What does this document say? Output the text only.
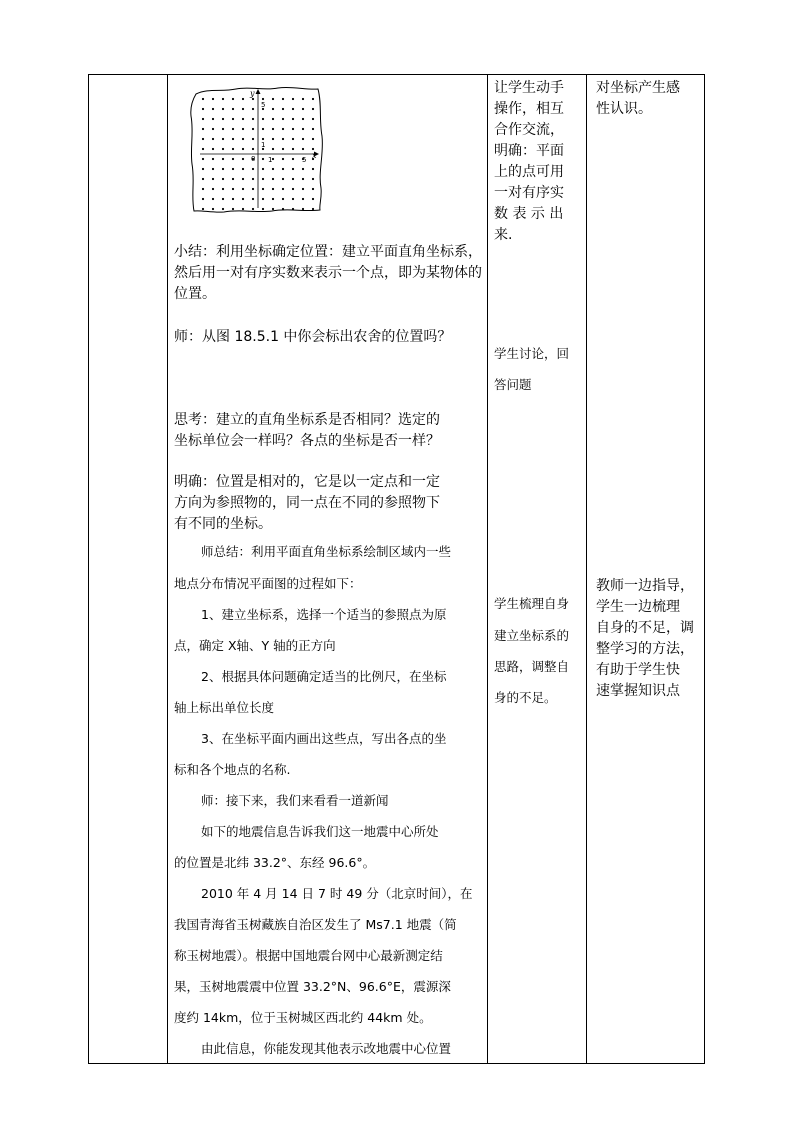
x
y
0 1	5
1
5
小结：利用坐标确定位置：建立平面直角坐标系，
然后用一对有序实数来表示一个点，即为某物体的
位置。
师：从图 18.5.1 中你会标出农舍的位置吗？
思考：建立的直角坐标系是否相同？选定的
坐标单位会一样吗？各点的坐标是否一样？
明确：位置是相对的，它是以一定点和一定
方向为参照物的，同一点在不同的参照物下
有不同的坐标。
师总结：利用平面直角坐标系绘制区域内一些
地点分布情况平面图的过程如下：
1、建立坐标系，选择一个适当的参照点为原
点，确定 X轴、Y 轴的正方向
2、根据具体问题确定适当的比例尺，在坐标
轴上标出单位长度
3、在坐标平面内画出这些点，写出各点的坐
标和各个地点的名称.
师：接下来，我们来看看一道新闻
如下的地震信息告诉我们这一地震中心所处
的位置是北纬 33.2°、东经 96.6°。
2010 年 4 月 14 日 7 时 49 分（北京时间），在
我国青海省玉树藏族自治区发生了 Ms7.1 地震（简
称玉树地震）。根据中国地震台网中心最新测定结
果，玉树地震震中位置 33.2°N、96.6°E，震源深
度约 14km，位于玉树城区西北约 44km 处。
由此信息，你能发现其他表示改地震中心位置
让学生动手
操作，相互
合作交流，
明确：平面
上的点可用
一对有序实
数 表 示 出
来.
学生讨论，回
答问题
学生梳理自身
建立坐标系的
思路，调整自
身的不足。
对坐标产生感
性认识。
教师一边指导，
学生一边梳理
自身的不足，调
整学习的方法，
有助于学生快
速掌握知识点
